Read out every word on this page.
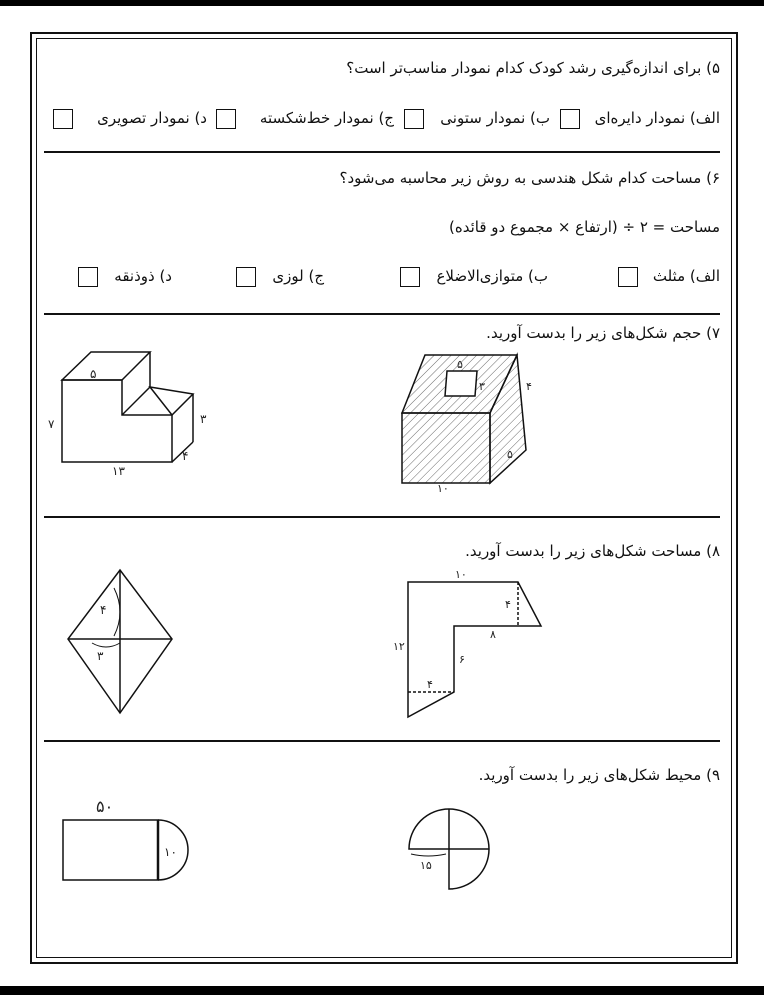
۵) برای اندازه‌گیری رشد کودک کدام نمودار مناسب‌تر است؟
الف) نمودار دایره‌ای
ب) نمودار ستونی
ج) نمودار خط‌شکسته
د) نمودار تصویری
۶) مساحت کدام شکل هندسی به روش زیر محاسبه می‌شود؟
مساحت = ۲ ÷ (ارتفاع × مجموع دو قائده)
الف) مثلث
ب) متوازی‌الاضلاع
ج) لوزی
د) ذوذنقه
۷) حجم شکل‌های زیر را بدست آورید.
۵
۳
۴
۷
۱۳
۵
۳	۴
۵
۱۰
۴
۳
۱۰
۴
۸
۶
۱۲
۴
۵۰
۱۰
۱۵
۸) مساحت شکل‌های زیر را بدست آورید.
۹) محیط شکل‌های زیر را بدست آورید.
